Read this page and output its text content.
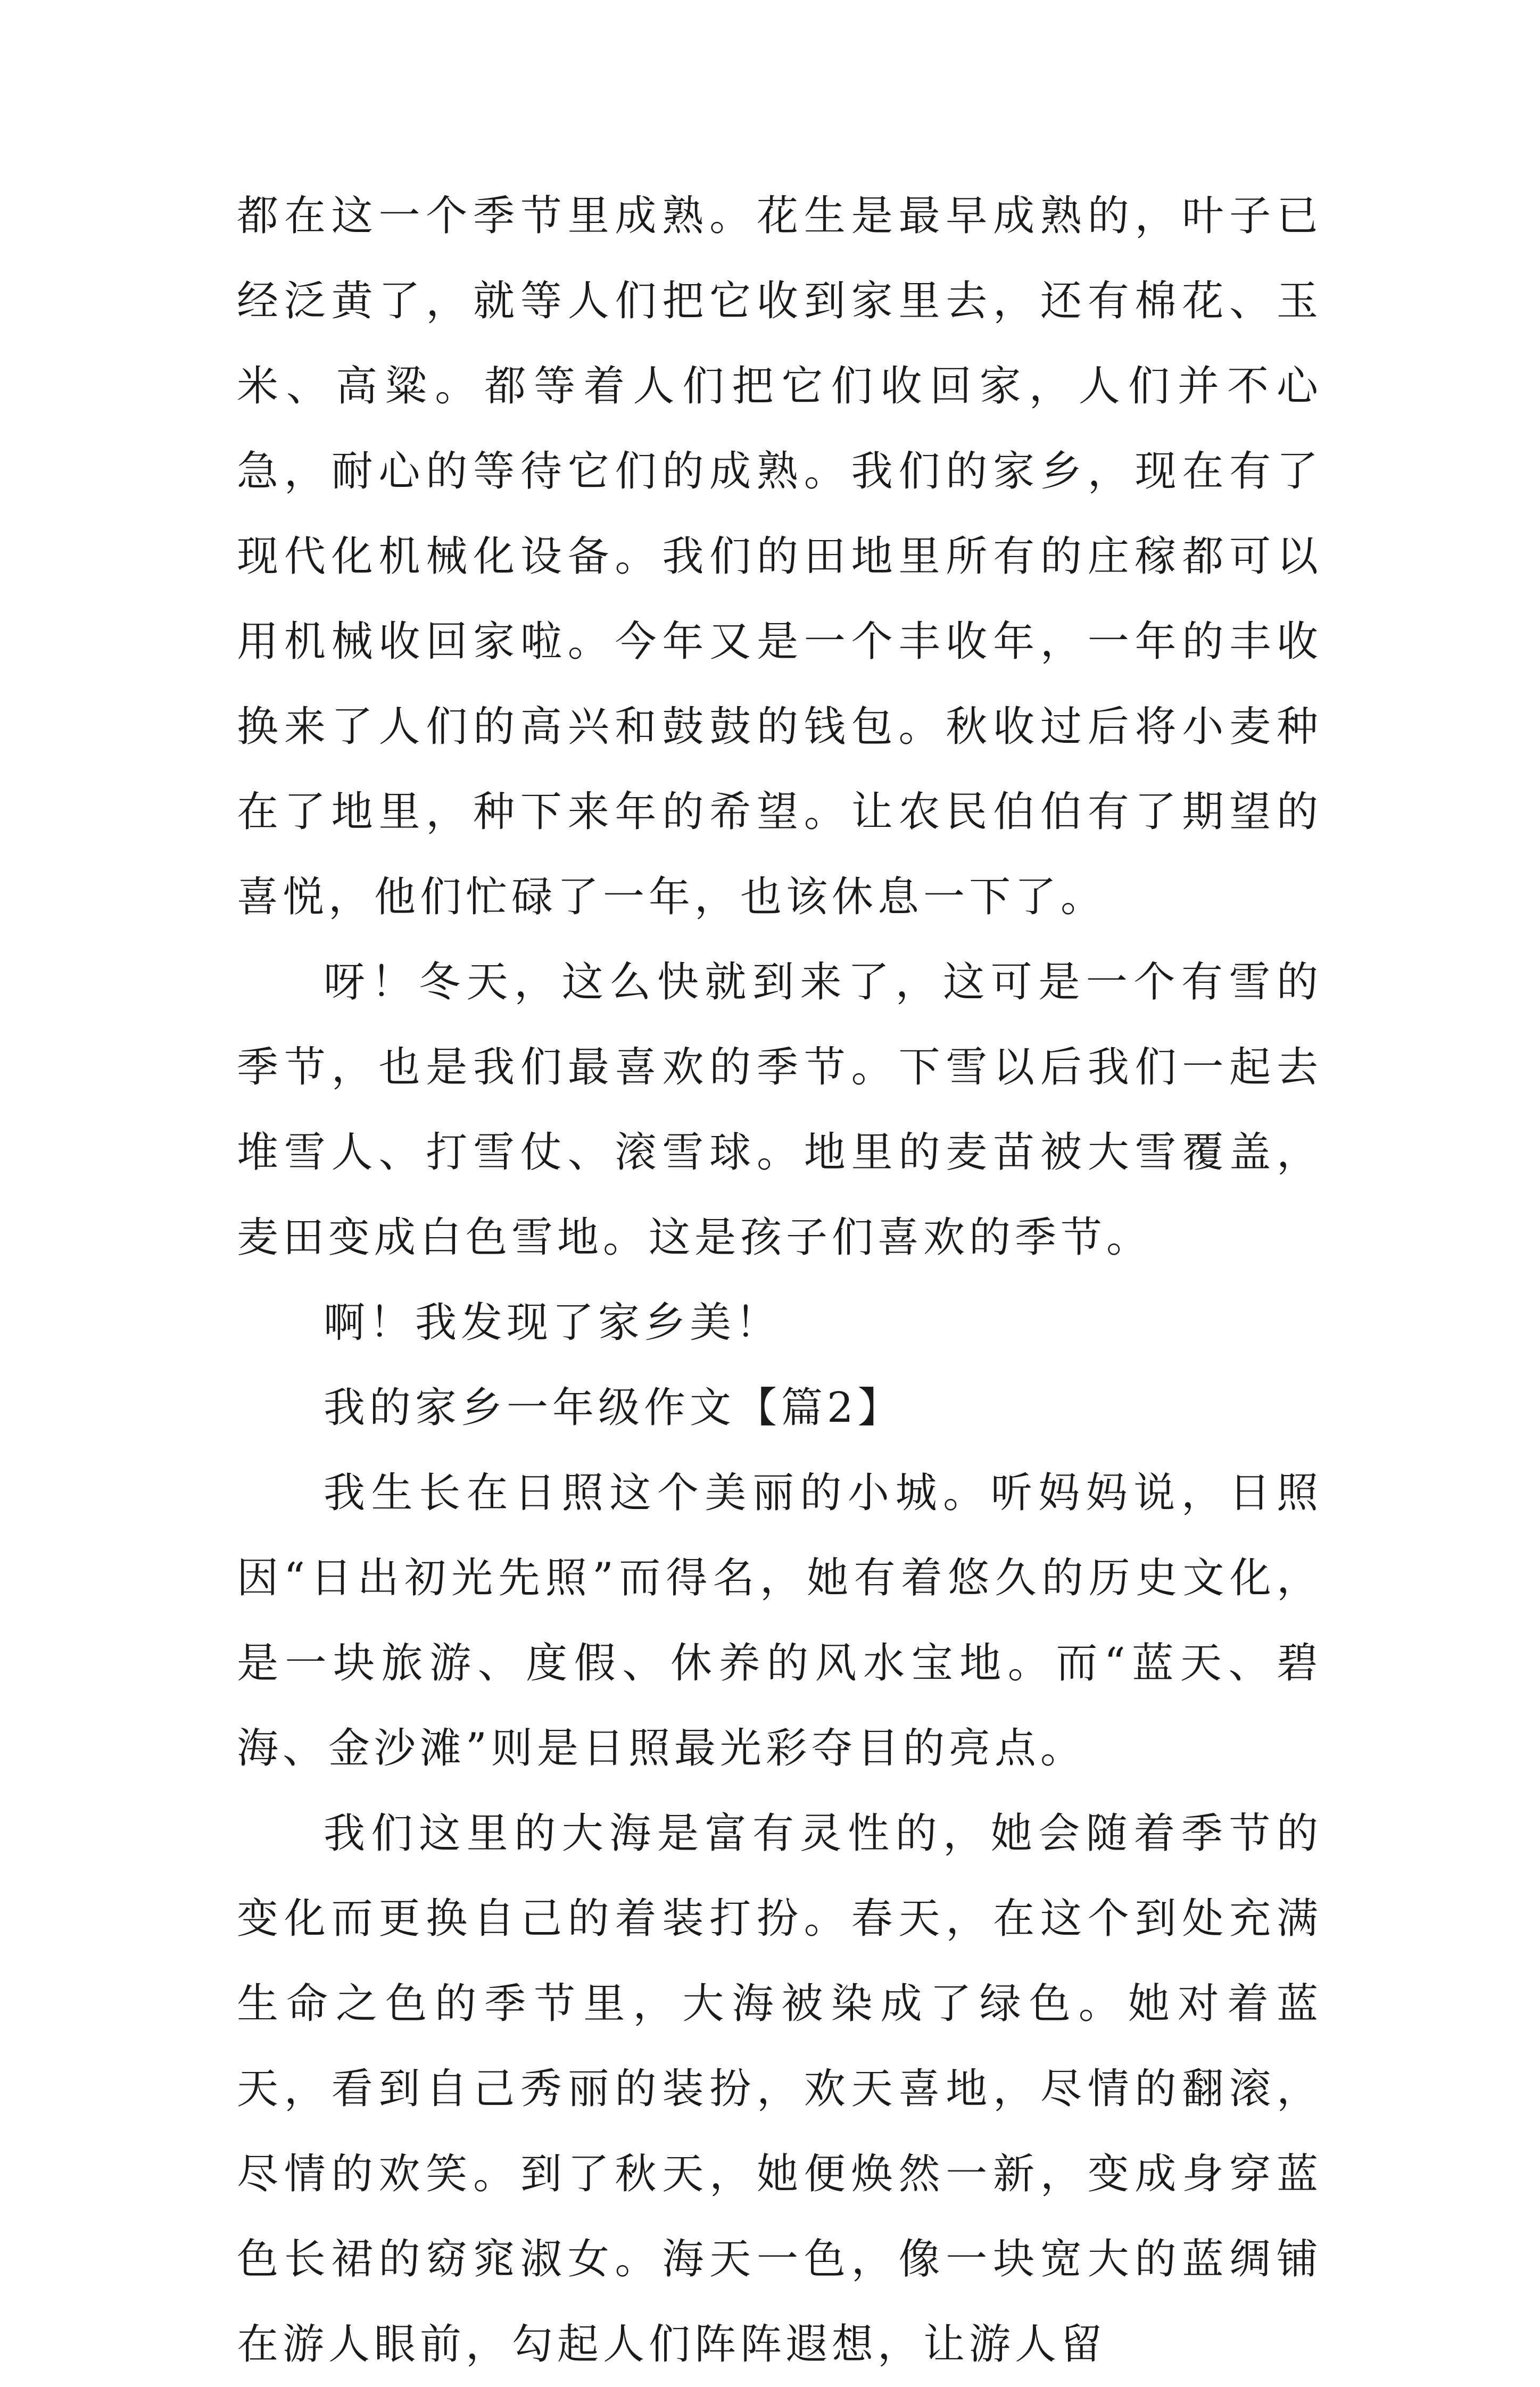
都在这一个季节里成熟。花生是最早成熟的，叶子已经泛黄了，就等人们把它收到家里去，还有棉花、玉米、高粱。都等着人们把它们收回家，人们并不心急，耐心的等待它们的成熟。我们的家乡，现在有了现代化机械化设备。我们的田地里所有的庄稼都可以用机械收回家啦。今年又是一个丰收年，一年的丰收换来了人们的高兴和鼓鼓的钱包。秋收过后将小麦种在了地里，种下来年的希望。让农民伯伯有了期望的喜悦，他们忙碌了一年，也该休息一下了。

呀！冬天，这么快就到来了，这可是一个有雪的季节，也是我们最喜欢的季节。下雪以后我们一起去堆雪人、打雪仗、滚雪球。地里的麦苗被大雪覆盖，麦田变成白色雪地。这是孩子们喜欢的季节。

啊！我发现了家乡美！

我的家乡一年级作文【篇2】

我生长在日照这个美丽的小城。听妈妈说，日照因“日出初光先照”而得名，她有着悠久的历史文化，是一块旅游、度假、休养的风水宝地。而“蓝天、碧海、金沙滩”则是日照最光彩夺目的亮点。

我们这里的大海是富有灵性的，她会随着季节的变化而更换自己的着装打扮。春天，在这个到处充满生命之色的季节里，大海被染成了绿色。她对着蓝天，看到自己秀丽的装扮，欢天喜地，尽情的翻滚，尽情的欢笑。到了秋天，她便焕然一新，变成身穿蓝色长裙的窈窕淑女。海天一色，像一块宽大的蓝绸铺在游人眼前，勾起人们阵阵遐想，让游人留
